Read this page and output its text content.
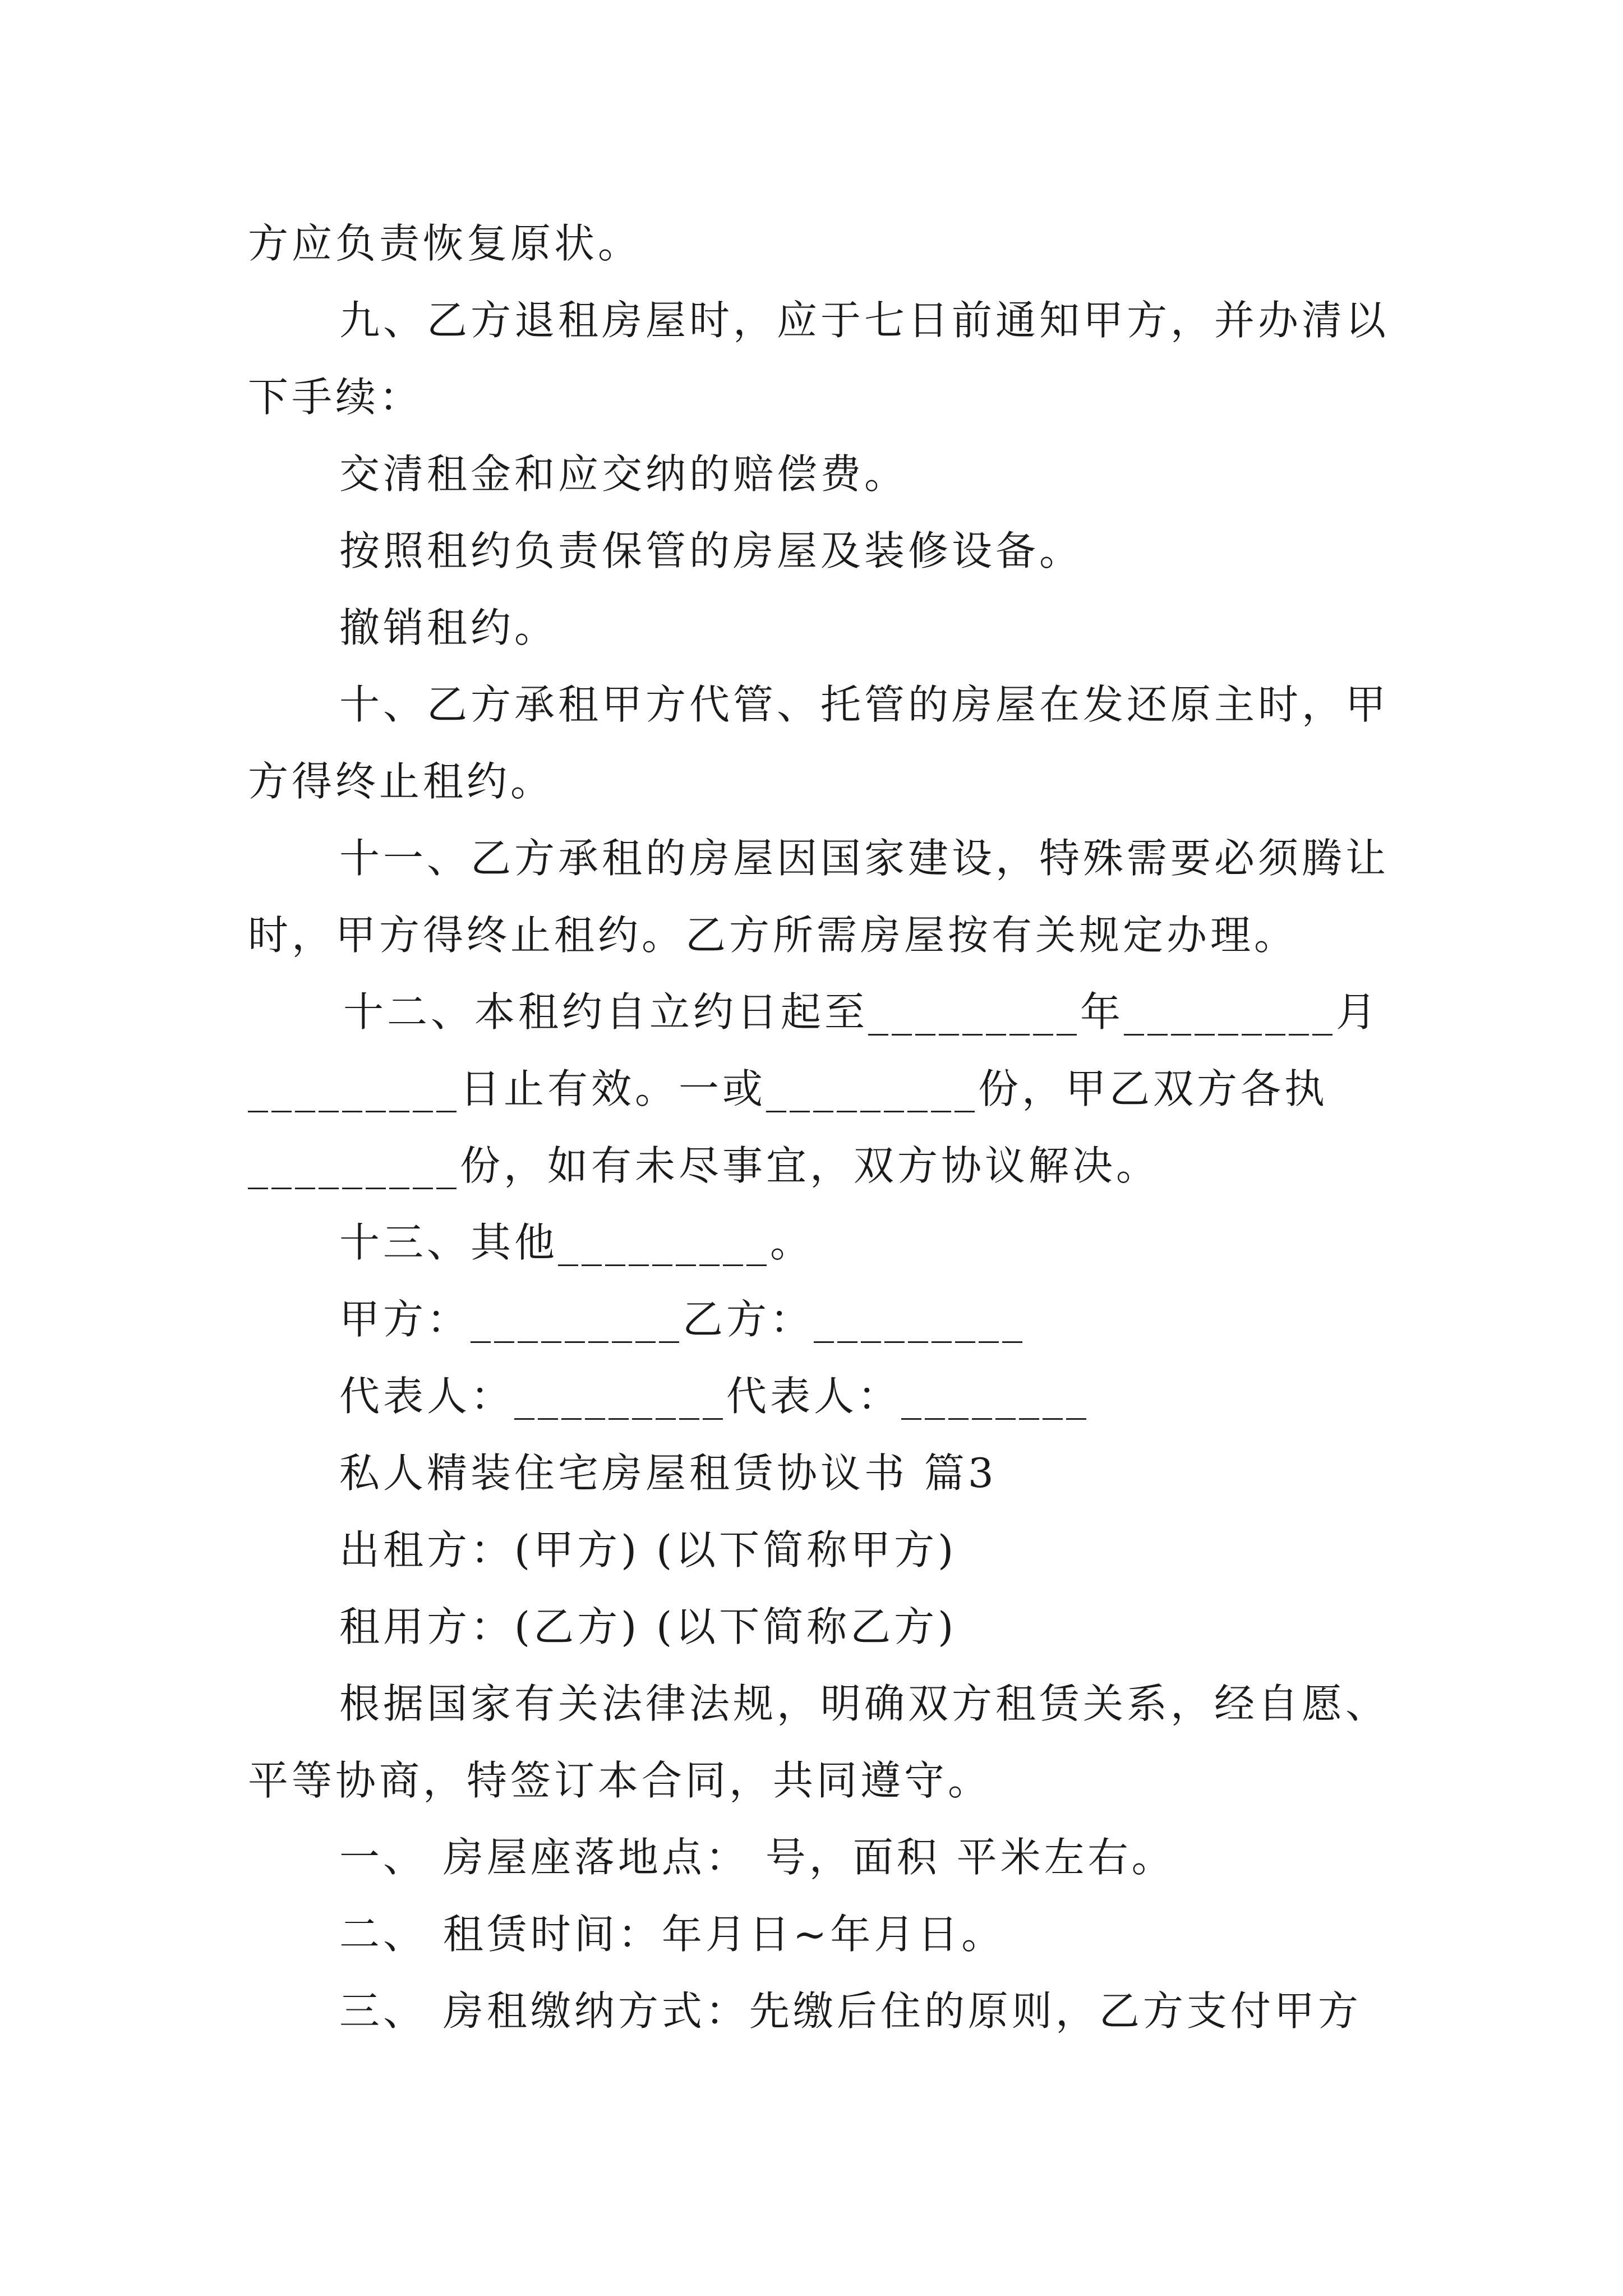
方应负责恢复原状。
九、乙方退租房屋时，应于七日前通知甲方，并办清以
下手续：
交清租金和应交纳的赔偿费。
按照租约负责保管的房屋及装修设备。
撤销租约。
十、乙方承租甲方代管、托管的房屋在发还原主时，甲
方得终止租约。
十一、乙方承租的房屋因国家建设，特殊需要必须腾让
时，甲方得终止租约。乙方所需房屋按有关规定办理。
十二、本租约自立约日起至_________年_________月
_________日止有效。一或_________份，甲乙双方各执
_________份，如有未尽事宜，双方协议解决。
十三、其他_________。
甲方：_________乙方：_________
代表人：_________代表人：________
私人精装住宅房屋租赁协议书 篇3
出租方：(甲方) (以下简称甲方)
租用方：(乙方) (以下简称乙方)
根据国家有关法律法规，明确双方租赁关系，经自愿、
平等协商，特签订本合同，共同遵守。
一、 房屋座落地点： 号，面积 平米左右。
二、 租赁时间：年月日~年月日。
三、 房租缴纳方式：先缴后住的原则，乙方支付甲方
